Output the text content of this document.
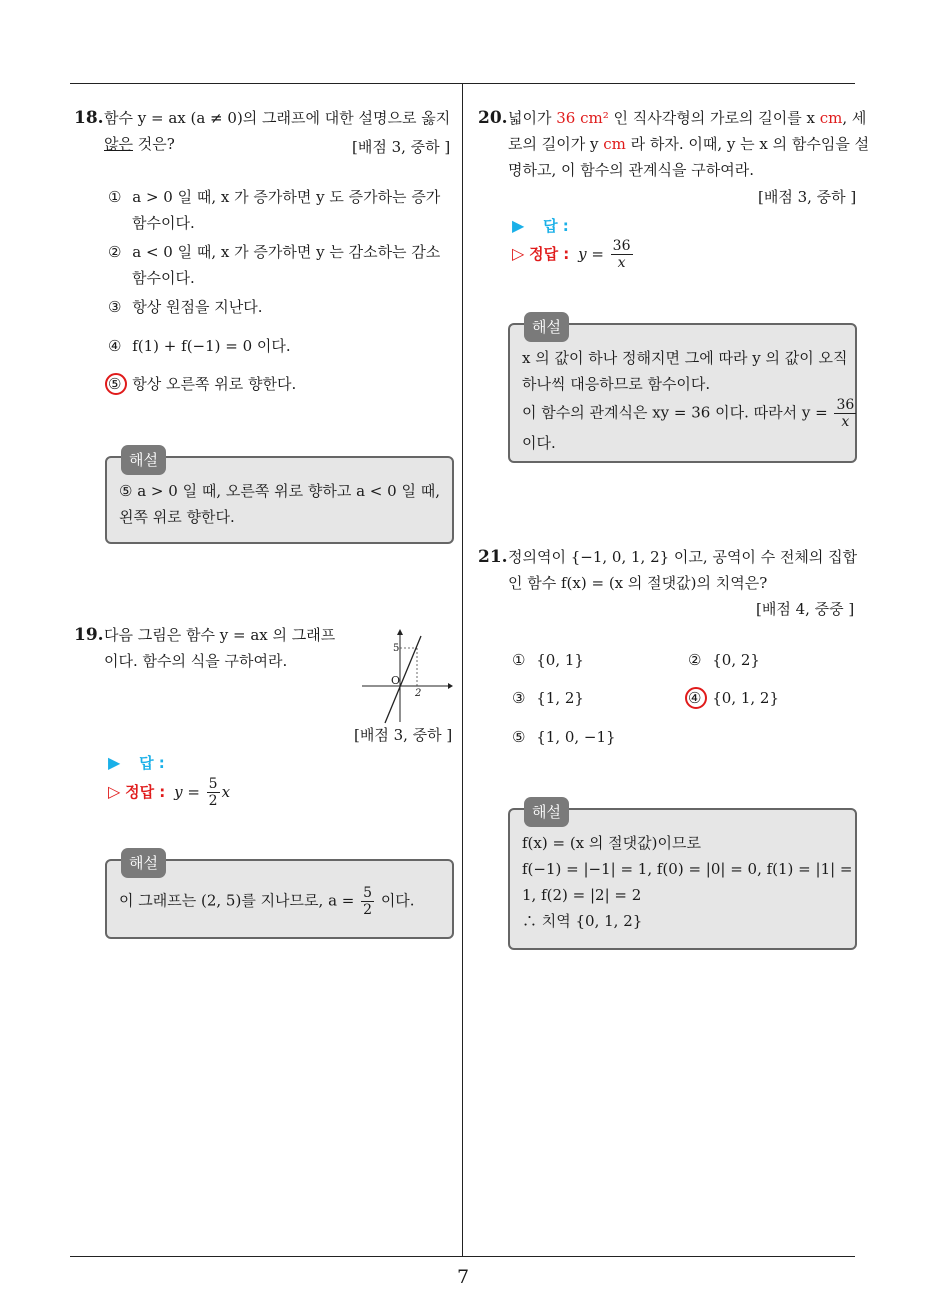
7
18. 함수 y = ax (a ≠ 0)의 그래프에 대한 설명으로 옳지
않은 것은?	[배점 3, 중하 ]
① a > 0 일 때, x 가 증가하면 y 도 증가하는 증가
함수이다.
② a < 0 일 때, x 가 증가하면 y 는 감소하는 감소
함수이다.
③ 항상 원점을 지난다.
④ f(1) + f(−1) = 0 이다.
⑤ 항상 오른쪽 위로 향한다.
해설
⑤ a > 0 일 때, 오른쪽 위로 향하고 a < 0 일 때,
왼쪽 위로 향한다.
19. 다음 그림은 함수 y = ax 의 그래프
이다. 함수의 식을 구하여라.
5
O
2
[배점 3, 중하 ]
▶ 답 :
▷ 정답 : $y = \frac{5}{2}$ x
해설
이 그래프는 (2, 5)를 지나므로, $a = \frac{5}{2}$ 이다.
20. 넓이가 36 cm² 인 직사각형의 가로의 길이를 x cm, 세
로의 길이가 y cm 라 하자. 이때, y 는 x 의 함수임을 설
명하고, 이 함수의 관계식을 구하여라.
[배점 3, 중하 ]
▶ 답 :
▷ 정답 : $y = \frac{36}{x}$
해설
x 의 값이 하나 정해지면 그에 따라 y 의 값이 오직
하나씩 대응하므로 함수이다.
이 함수의 관계식은 xy = 36 이다. 따라서 $y = \frac{36}{x}$
이다.
21. 정의역이 {−1, 0, 1, 2} 이고, 공역이 수 전체의 집합
인 함수 f(x) = (x 의 절댓값)의 치역은?
[배점 4, 중중 ]
① {0, 1}	② {0, 2}
③ {1, 2}	④ {0, 1, 2}
⑤ {1, 0, −1}
해설
f(x) = (x 의 절댓값)이므로
f(−1) = |−1| = 1, f(0) = |0| = 0, f(1) = |1| =
1, f(2) = |2| = 2
∴ 치역 {0, 1, 2}
